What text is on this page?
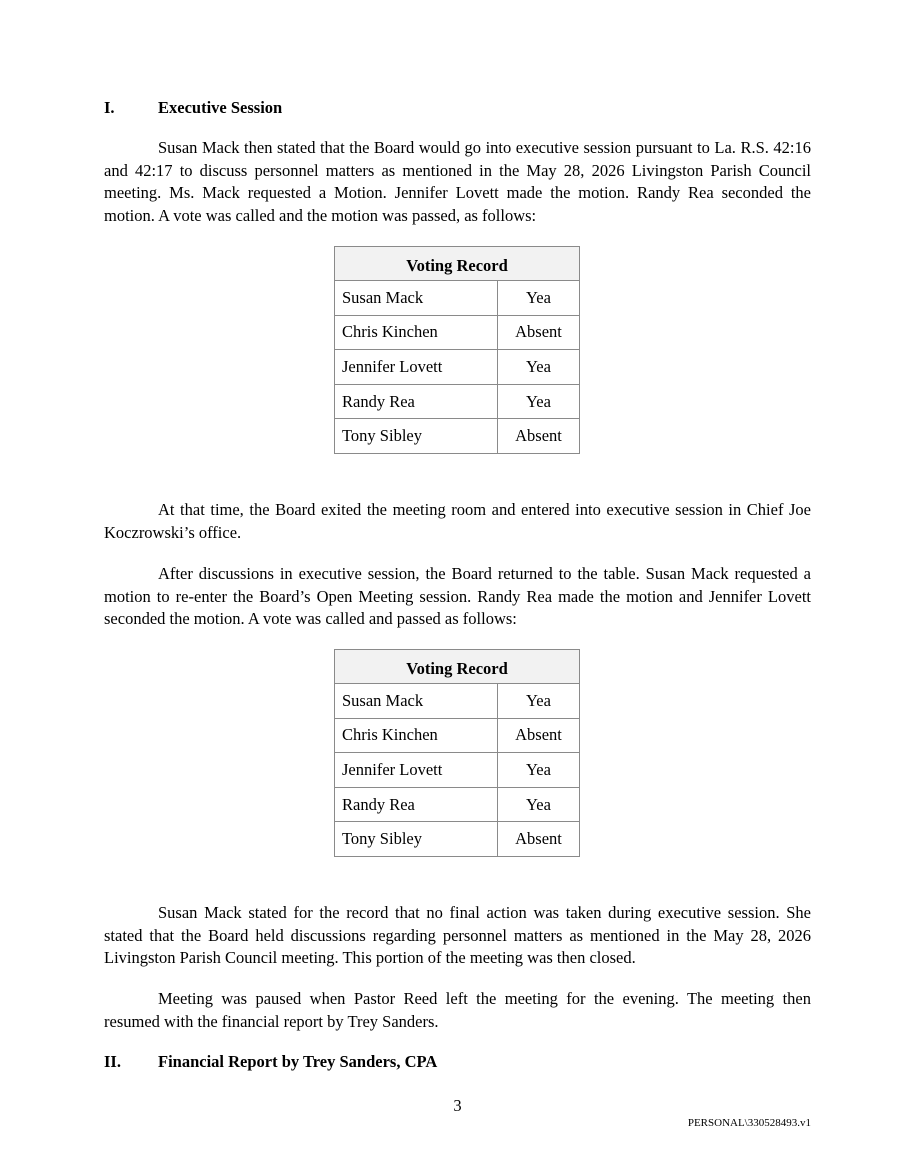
I.	Executive Session

Susan Mack then stated that the Board would go into executive session pursuant to La. R.S. 42:16 and 42:17 to discuss personnel matters as mentioned in the May 28, 2026 Livingston Parish Council meeting. Ms. Mack requested a Motion. Jennifer Lovett made the motion. Randy Rea seconded the motion. A vote was called and the motion was passed, as follows:

Voting Record	
Susan Mack	Yea
Chris Kinchen	Absent
Jennifer Lovett	Yea
Randy Rea	Yea
Tony Sibley	Absent

At that time, the Board exited the meeting room and entered into executive session in Chief Joe Koczrowski’s office.

After discussions in executive session, the Board returned to the table. Susan Mack requested a motion to re-enter the Board’s Open Meeting session. Randy Rea made the motion and Jennifer Lovett seconded the motion. A vote was called and passed as follows:

Voting Record	
Susan Mack	Yea
Chris Kinchen	Absent
Jennifer Lovett	Yea
Randy Rea	Yea
Tony Sibley	Absent

Susan Mack stated for the record that no final action was taken during executive session. She stated that the Board held discussions regarding personnel matters as mentioned in the May 28, 2026 Livingston Parish Council meeting. This portion of the meeting was then closed.

Meeting was paused when Pastor Reed left the meeting for the evening. The meeting then resumed with the financial report by Trey Sanders.

II. Financial Report by Trey Sanders, CPA
3
PERSONAL\330528493.v1
